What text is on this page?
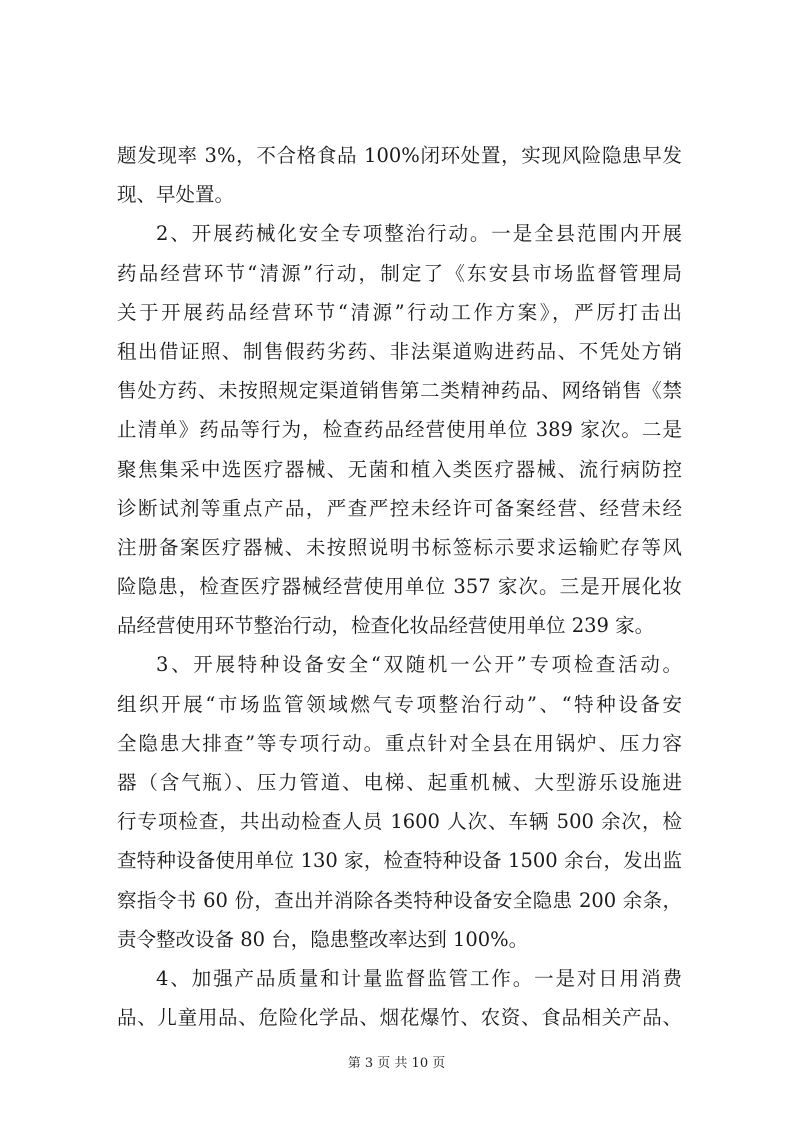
题发现率 3%，不合格食品 100%闭环处置，实现风险隐患早发
现、早处置。
2、开展药械化安全专项整治行动。一是全县范围内开展
药品经营环节“清源”行动，制定了《东安县市场监督管理局
关于开展药品经营环节“清源”行动工作方案》，严厉打击出
租出借证照、制售假药劣药、非法渠道购进药品、不凭处方销
售处方药、未按照规定渠道销售第二类精神药品、网络销售《禁
止清单》药品等行为，检查药品经营使用单位 389 家次。二是
聚焦集采中选医疗器械、无菌和植入类医疗器械、流行病防控
诊断试剂等重点产品，严查严控未经许可备案经营、经营未经
注册备案医疗器械、未按照说明书标签标示要求运输贮存等风
险隐患，检查医疗器械经营使用单位 357 家次。三是开展化妆
品经营使用环节整治行动，检查化妆品经营使用单位 239 家。
3、开展特种设备安全“双随机一公开”专项检查活动。
组织开展“市场监管领域燃气专项整治行动”、“特种设备安
全隐患大排查”等专项行动。重点针对全县在用锅炉、压力容
器（含气瓶）、压力管道、电梯、起重机械、大型游乐设施进
行专项检查，共出动检查人员 1600 人次、车辆 500 余次，检
查特种设备使用单位 130 家，检查特种设备 1500 余台，发出监
察指令书 60 份，查出并消除各类特种设备安全隐患 200 余条，
责令整改设备 80 台，隐患整改率达到 100%。
4、加强产品质量和计量监督监管工作。一是对日用消费
品、儿童用品、危险化学品、烟花爆竹、农资、食品相关产品、
第 3 页 共 10 页
